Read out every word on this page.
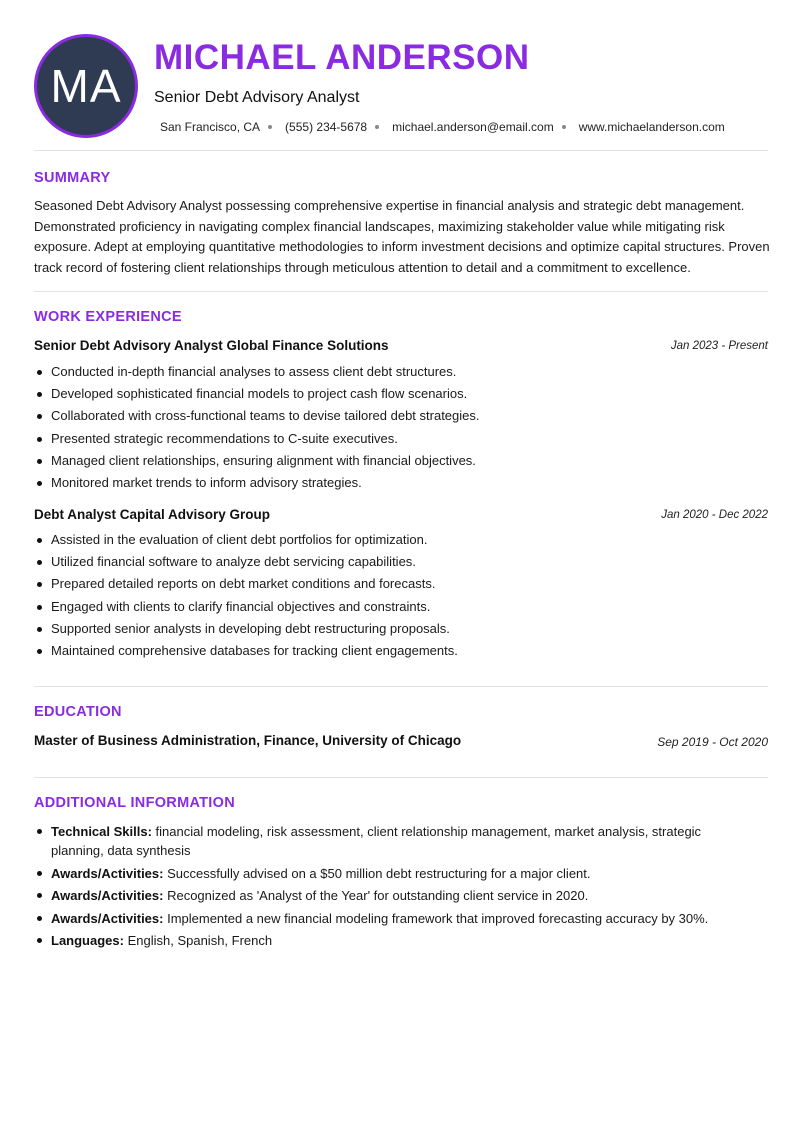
MA
MICHAEL ANDERSON
Senior Debt Advisory Analyst
San Francisco, CA (555) 234-5678 michael.anderson@email.com www.michaelanderson.com
SUMMARY
Seasoned Debt Advisory Analyst possessing comprehensive expertise in financial analysis and strategic debt management. Demonstrated proficiency in navigating complex financial landscapes, maximizing stakeholder value while mitigating risk exposure. Adept at employing quantitative methodologies to inform investment decisions and optimize capital structures. Proven track record of fostering client relationships through meticulous attention to detail and a commitment to excellence.
WORK EXPERIENCE
Senior Debt Advisory Analyst Global Finance Solutions	Jan 2023 - Present
Conducted in-depth financial analyses to assess client debt structures.
Developed sophisticated financial models to project cash flow scenarios.
Collaborated with cross-functional teams to devise tailored debt strategies.
Presented strategic recommendations to C-suite executives.
Managed client relationships, ensuring alignment with financial objectives.
Monitored market trends to inform advisory strategies.
Debt Analyst Capital Advisory Group	Jan 2020 - Dec 2022
Assisted in the evaluation of client debt portfolios for optimization.
Utilized financial software to analyze debt servicing capabilities.
Prepared detailed reports on debt market conditions and forecasts.
Engaged with clients to clarify financial objectives and constraints.
Supported senior analysts in developing debt restructuring proposals.
Maintained comprehensive databases for tracking client engagements.
EDUCATION
Master of Business Administration, Finance, University of Chicago	Sep 2019 - Oct 2020
ADDITIONAL INFORMATION
Technical Skills: financial modeling, risk assessment, client relationship management, market analysis, strategic planning, data synthesis
Awards/Activities: Successfully advised on a $50 million debt restructuring for a major client.
Awards/Activities: Recognized as 'Analyst of the Year' for outstanding client service in 2020.
Awards/Activities: Implemented a new financial modeling framework that improved forecasting accuracy by 30%.
Languages: English, Spanish, French
